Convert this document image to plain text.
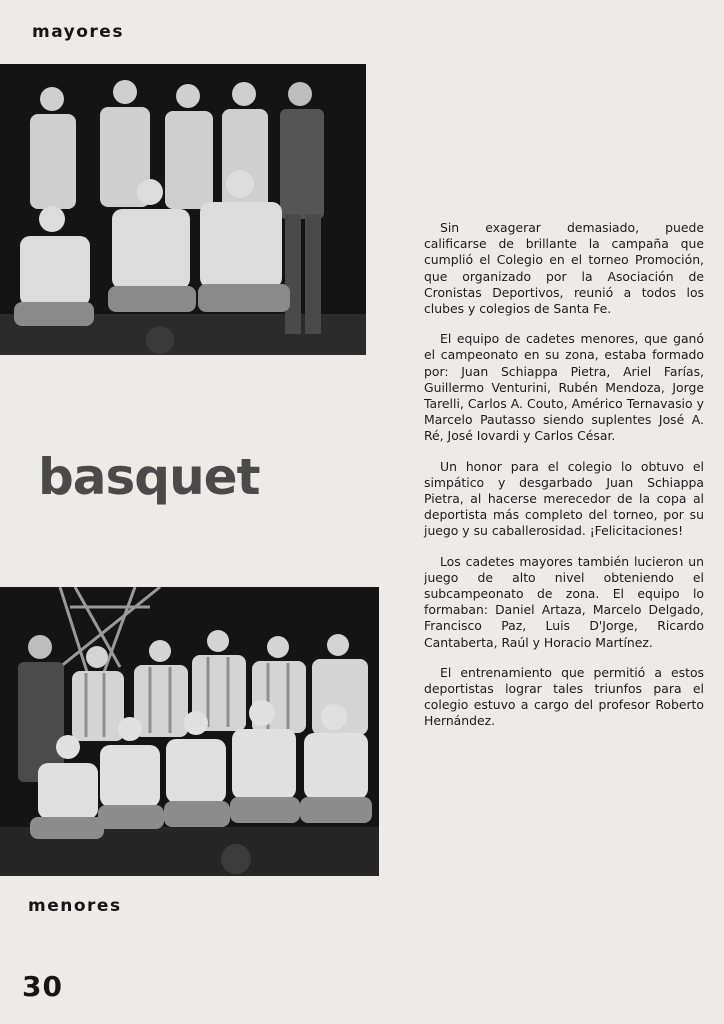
mayores
basquet
menores
30

Sin exagerar demasiado, puede calificarse de brillante la campaña que cumplió el Colegio en el torneo Promoción, que organizado por la Asociación de Cronistas Deportivos, reunió a todos los clubes y colegios de Santa Fe.

El equipo de cadetes menores, que ganó el campeonato en su zona, estaba formado por: Juan Schiappa Pietra, Ariel Farías, Guillermo Venturini, Rubén Mendoza, Jorge Tarelli, Carlos A. Couto, Américo Ternavasio y Marcelo Pautasso siendo suplentes José A. Ré, José Iovardi y Carlos César.

Un honor para el colegio lo obtuvo el simpático y desgarbado Juan Schiappa Pietra, al hacerse merecedor de la copa al deportista más completo del torneo, por su juego y su caballerosidad. ¡Felicitaciones!

Los cadetes mayores también lucieron un juego de alto nivel obteniendo el subcampeonato de zona. El equipo lo formaban: Daniel Artaza, Marcelo Delgado, Francisco Paz, Luis D'Jorge, Ricardo Cantaberta, Raúl y Horacio Martínez.

El entrenamiento que permitió a estos deportistas lograr tales triunfos para el colegio estuvo a cargo del profesor Roberto Hernández.
